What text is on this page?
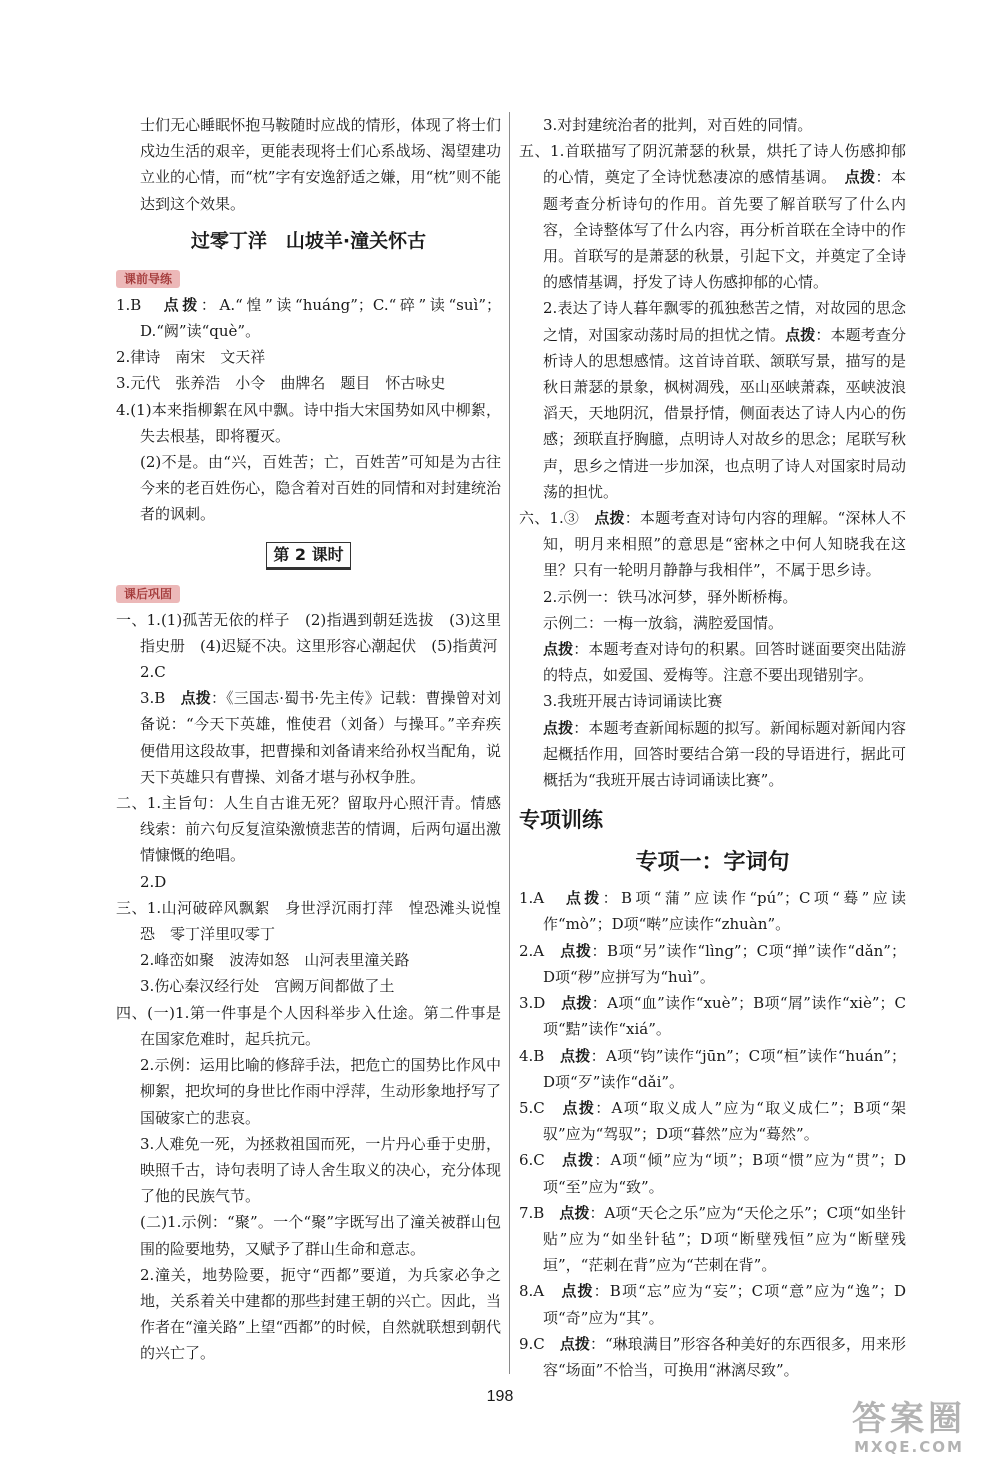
士们无心睡眠怀抱马鞍随时应战的情形，体现了将士们戍边生活的艰辛，更能表现将士们心系战场、渴望建功立业的心情，而“枕”字有安逸舒适之嫌，用“枕”则不能达到这个效果。

过零丁洋　山坡羊·潼关怀古
课前导练

1.B　点拨：A.“惶”读“huáng”；C.“碎”读“suì”；D.“阙”读“què”。

2.律诗　南宋　文天祥

3.元代　张养浩　小令　曲牌名　题目　怀古咏史

4.(1)本来指柳絮在风中飘。诗中指大宋国势如风中柳絮，失去根基，即将覆灭。

(2)不是。由“兴，百姓苦；亡，百姓苦”可知是为古往今来的老百姓伤心，隐含着对百姓的同情和对封建统治者的讽刺。

第 2 课时
课后巩固

一、1.(1)孤苦无依的样子　(2)指遇到朝廷选拔　(3)这里指史册　(4)迟疑不决。这里形容心潮起伏　(5)指黄河

2.C

3.B　点拨：《三国志·蜀书·先主传》记载：曹操曾对刘备说：“今天下英雄，惟使君（刘备）与操耳。”辛弃疾便借用这段故事，把曹操和刘备请来给孙权当配角，说天下英雄只有曹操、刘备才堪与孙权争胜。

二、1.主旨句：人生自古谁无死？留取丹心照汗青。情感线索：前六句反复渲染激愤悲苦的情调，后两句逼出激情慷慨的绝唱。

2.D

三、1.山河破碎风飘絮　身世浮沉雨打萍　惶恐滩头说惶恐　零丁洋里叹零丁

2.峰峦如聚　波涛如怒　山河表里潼关路

3.伤心秦汉经行处　宫阙万间都做了土

四、(一)1.第一件事是个人因科举步入仕途。第二件事是在国家危难时，起兵抗元。

2.示例：运用比喻的修辞手法，把危亡的国势比作风中柳絮，把坎坷的身世比作雨中浮萍，生动形象地抒写了国破家亡的悲哀。

3.人难免一死，为拯救祖国而死，一片丹心垂于史册，映照千古，诗句表明了诗人舍生取义的决心，充分体现了他的民族气节。

(二)1.示例：“聚”。一个“聚”字既写出了潼关被群山包围的险要地势，又赋予了群山生命和意志。

2.潼关，地势险要，扼守“西都”要道，为兵家必争之地，关系着关中建都的那些封建王朝的兴亡。因此，当作者在“潼关路”上望“西都”的时候，自然就联想到朝代的兴亡了。

3.对封建统治者的批判，对百姓的同情。

五、1.首联描写了阴沉萧瑟的秋景，烘托了诗人伤感抑郁的心情，奠定了全诗忧愁凄凉的感情基调。　点拨：本题考查分析诗句的作用。首先要了解首联写了什么内容，全诗整体写了什么内容，再分析首联在全诗中的作用。首联写的是萧瑟的秋景，引起下文，并奠定了全诗的感情基调，抒发了诗人伤感抑郁的心情。

2.表达了诗人暮年飘零的孤独愁苦之情，对故园的思念之情，对国家动荡时局的担忧之情。点拨：本题考查分析诗人的思想感情。这首诗首联、颔联写景，描写的是秋日萧瑟的景象，枫树凋残，巫山巫峡萧森，巫峡波浪滔天，天地阴沉，借景抒情，侧面表达了诗人内心的伤感；颈联直抒胸臆，点明诗人对故乡的思念；尾联写秋声，思乡之情进一步加深，也点明了诗人对国家时局动荡的担忧。

六、1.③　点拨：本题考查对诗句内容的理解。“深林人不知，明月来相照”的意思是“密林之中何人知晓我在这里？只有一轮明月静静与我相伴”，不属于思乡诗。

2.示例一：铁马冰河梦，驿外断桥梅。

示例二：一梅一放翁，满腔爱国情。

点拨：本题考查对诗句的积累。回答时谜面要突出陆游的特点，如爱国、爱梅等。注意不要出现错别字。

3.我班开展古诗词诵读比赛

点拨：本题考查新闻标题的拟写。新闻标题对新闻内容起概括作用，回答时要结合第一段的导语进行，据此可概括为“我班开展古诗词诵读比赛”。

专项训练
专项一：字词句

1.A　点拨：B项“蒲”应读作“pú”；C项“蓦”应读作“mò”；D项“啭”应读作“zhuàn”。

2.A　点拨：B项“另”读作“lìng”；C项“掸”读作“dǎn”；D项“秽”应拼写为“huì”。

3.D　点拨：A项“血”读作“xuè”；B项“屑”读作“xiè”；C项“黠”读作“xiá”。

4.B　点拨：A项“钧”读作“jūn”；C项“桓”读作“huán”；D项“歹”读作“dǎi”。

5.C　点拨：A项“取义成人”应为“取义成仁”；B项“架驭”应为“驾驭”；D项“暮然”应为“蓦然”。

6.C　点拨：A项“倾”应为“顷”；B项“惯”应为“贯”；D项“至”应为“致”。

7.B　点拨：A项“天仑之乐”应为“天伦之乐”；C项“如坐针贴”应为“如坐针毡”；D项“断壁残恒”应为“断壁残垣”，“茫刺在背”应为“芒刺在背”。

8.A　点拨：B项“忘”应为“妄”；C项“意”应为“逸”；D项“奇”应为“其”。

9.C　点拨：“琳琅满目”形容各种美好的东西很多，用来形容“场面”不恰当，可换用“淋漓尽致”。

198
答案圈
MXQE.COM
